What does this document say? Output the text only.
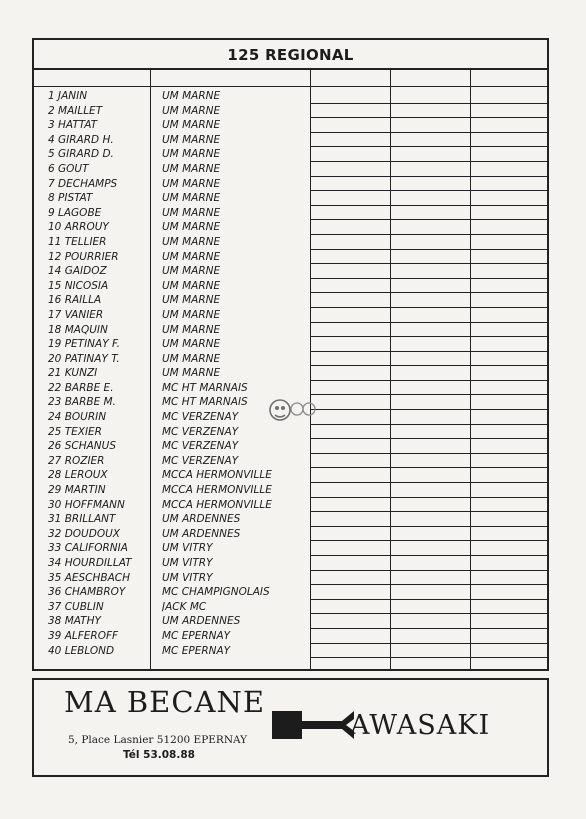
125 REGIONAL
1 JANIN	UM MARNE
2 MAILLET	UM MARNE
3 HATTAT	UM MARNE
4 GIRARD H.	UM MARNE
5 GIRARD D.	UM MARNE
6 GOUT	UM MARNE
7 DECHAMPS	UM MARNE
8 PISTAT	UM MARNE
9 LAGOBE	UM MARNE
10 ARROUY	UM MARNE
11 TELLIER	UM MARNE
12 POURRIER	UM MARNE
14 GAIDOZ	UM MARNE
15 NICOSIA	UM MARNE
16 RAILLA	UM MARNE
17 VANIER	UM MARNE
18 MAQUIN	UM MARNE
19 PETINAY F.	UM MARNE
20 PATINAY T.	UM MARNE
21 KUNZI	UM MARNE
22 BARBE E.	MC HT MARNAIS
23 BARBE M.	MC HT MARNAIS
24 BOURIN	MC VERZENAY
25 TEXIER	MC VERZENAY
26 SCHANUS	MC VERZENAY
27 ROZIER	MC VERZENAY
28 LEROUX	MCCA HERMONVILLE
29 MARTIN	MCCA HERMONVILLE
30 HOFFMANN	MCCA HERMONVILLE
31 BRILLANT	UM ARDENNES
32 DOUDOUX	UM ARDENNES
33 CALIFORNIA	UM VITRY
34 HOURDILLAT	UM VITRY
35 AESCHBACH	UM VITRY
36 CHAMBROY	MC CHAMPIGNOLAIS
37 CUBLIN	JACK MC
38 MATHY	UM ARDENNES
39 ALFEROFF	MC EPERNAY
40 LEBLOND	MC EPERNAY
MA BECANE
5, Place Lasnier 51200 EPERNAY
Tél 53.08.88
AWASAKI
